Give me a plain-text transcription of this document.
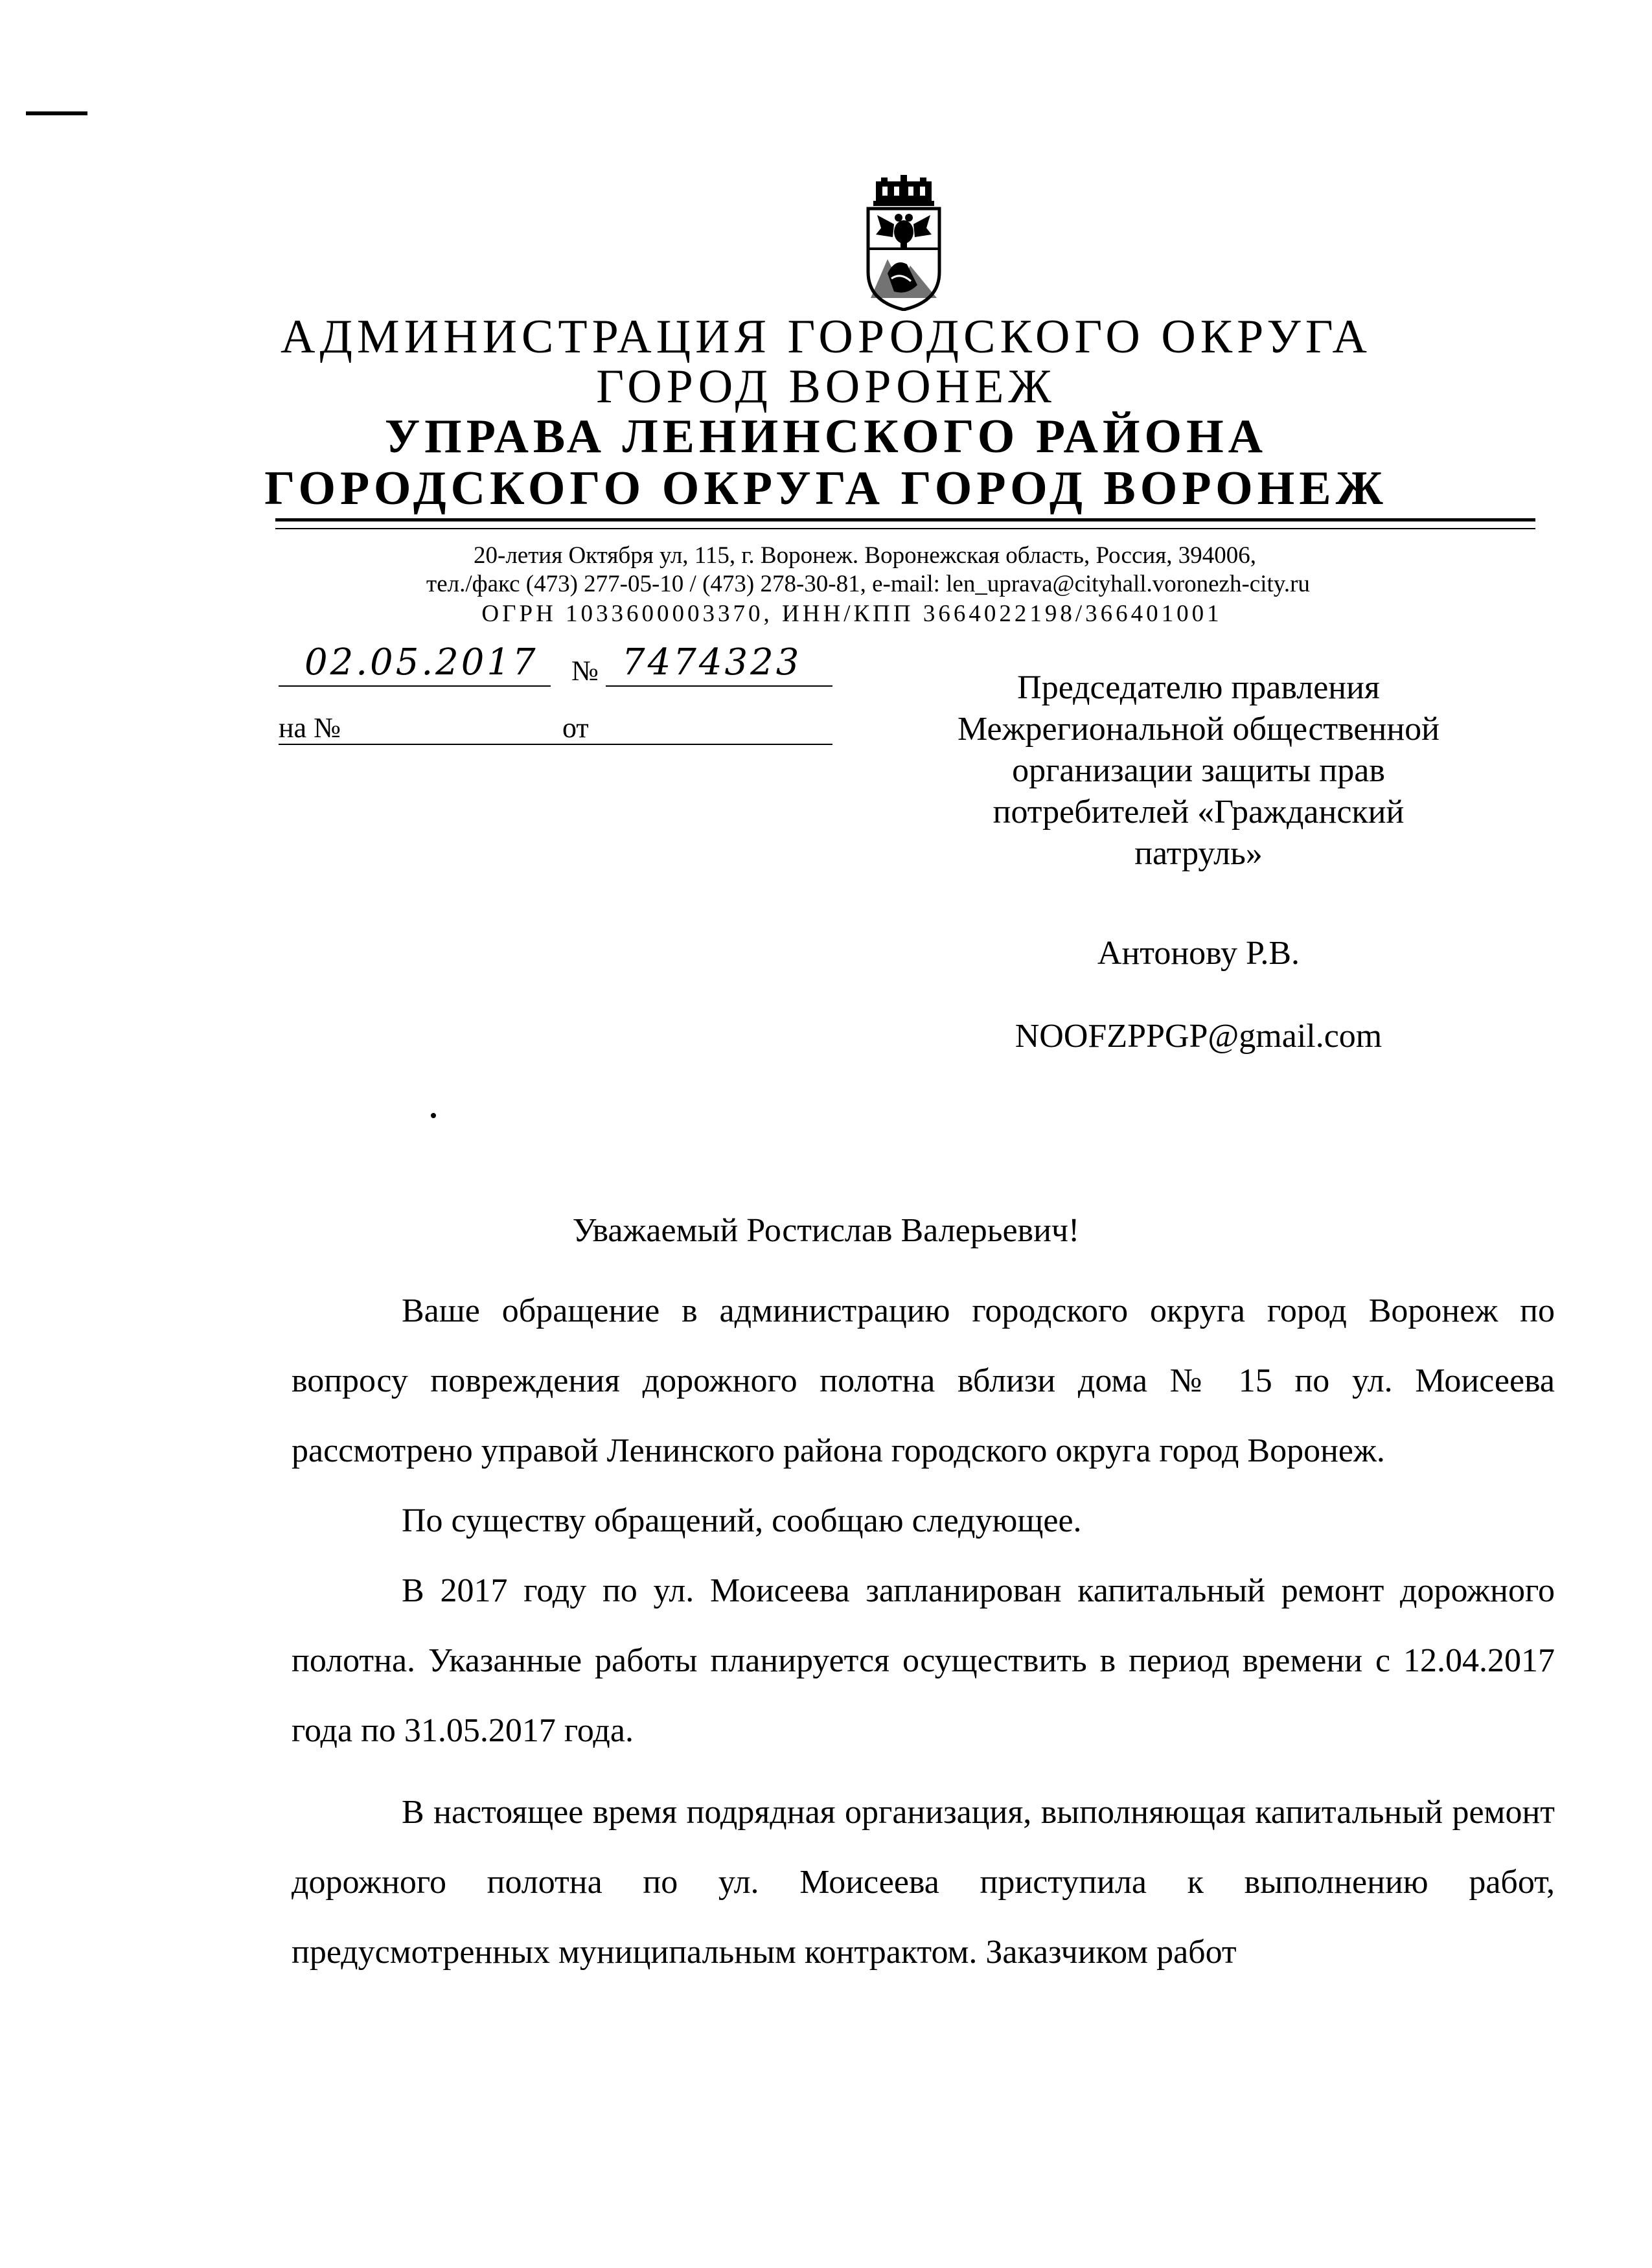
АДМИНИСТРАЦИЯ ГОРОДСКОГО ОКРУГА
ГОРОД ВОРОНЕЖ
УПРАВА ЛЕНИНСКОГО РАЙОНА
ГОРОДСКОГО ОКРУГА ГОРОД ВОРОНЕЖ
20-летия Октября ул, 115, г. Воронеж. Воронежская область, Россия, 394006,
тел./факс (473) 277-05-10 / (473) 278-30-81, e-mail: len_uprava@cityhall.voronezh-city.ru
ОГРН 1033600003370, ИНН/КПП 3664022198/366401001
02.05.2017 № 7474323
на №	от
Председателю правления
Межрегиональной общественной
организации защиты прав
потребителей «Гражданский
патруль»
Антонову Р.В.
NOOFZPPGP@gmail.com
Уважаемый Ростислав Валерьевич!

Ваше обращение в администрацию городского округа город Воронеж по вопросу повреждения дорожного полотна вблизи дома № 15 по ул. Моисеева рассмотрено управой Ленинского района городского округа город Воронеж.

По существу обращений, сообщаю следующее.

В 2017 году по ул. Моисеева запланирован капитальный ремонт дорожного полотна. Указанные работы планируется осуществить в период времени с 12.04.2017 года по 31.05.2017 года.

В настоящее время подрядная организация, выполняющая капитальный ремонт дорожного полотна по ул. Моисеева приступила к выполнению работ, предусмотренных муниципальным контрактом. Заказчиком работ
